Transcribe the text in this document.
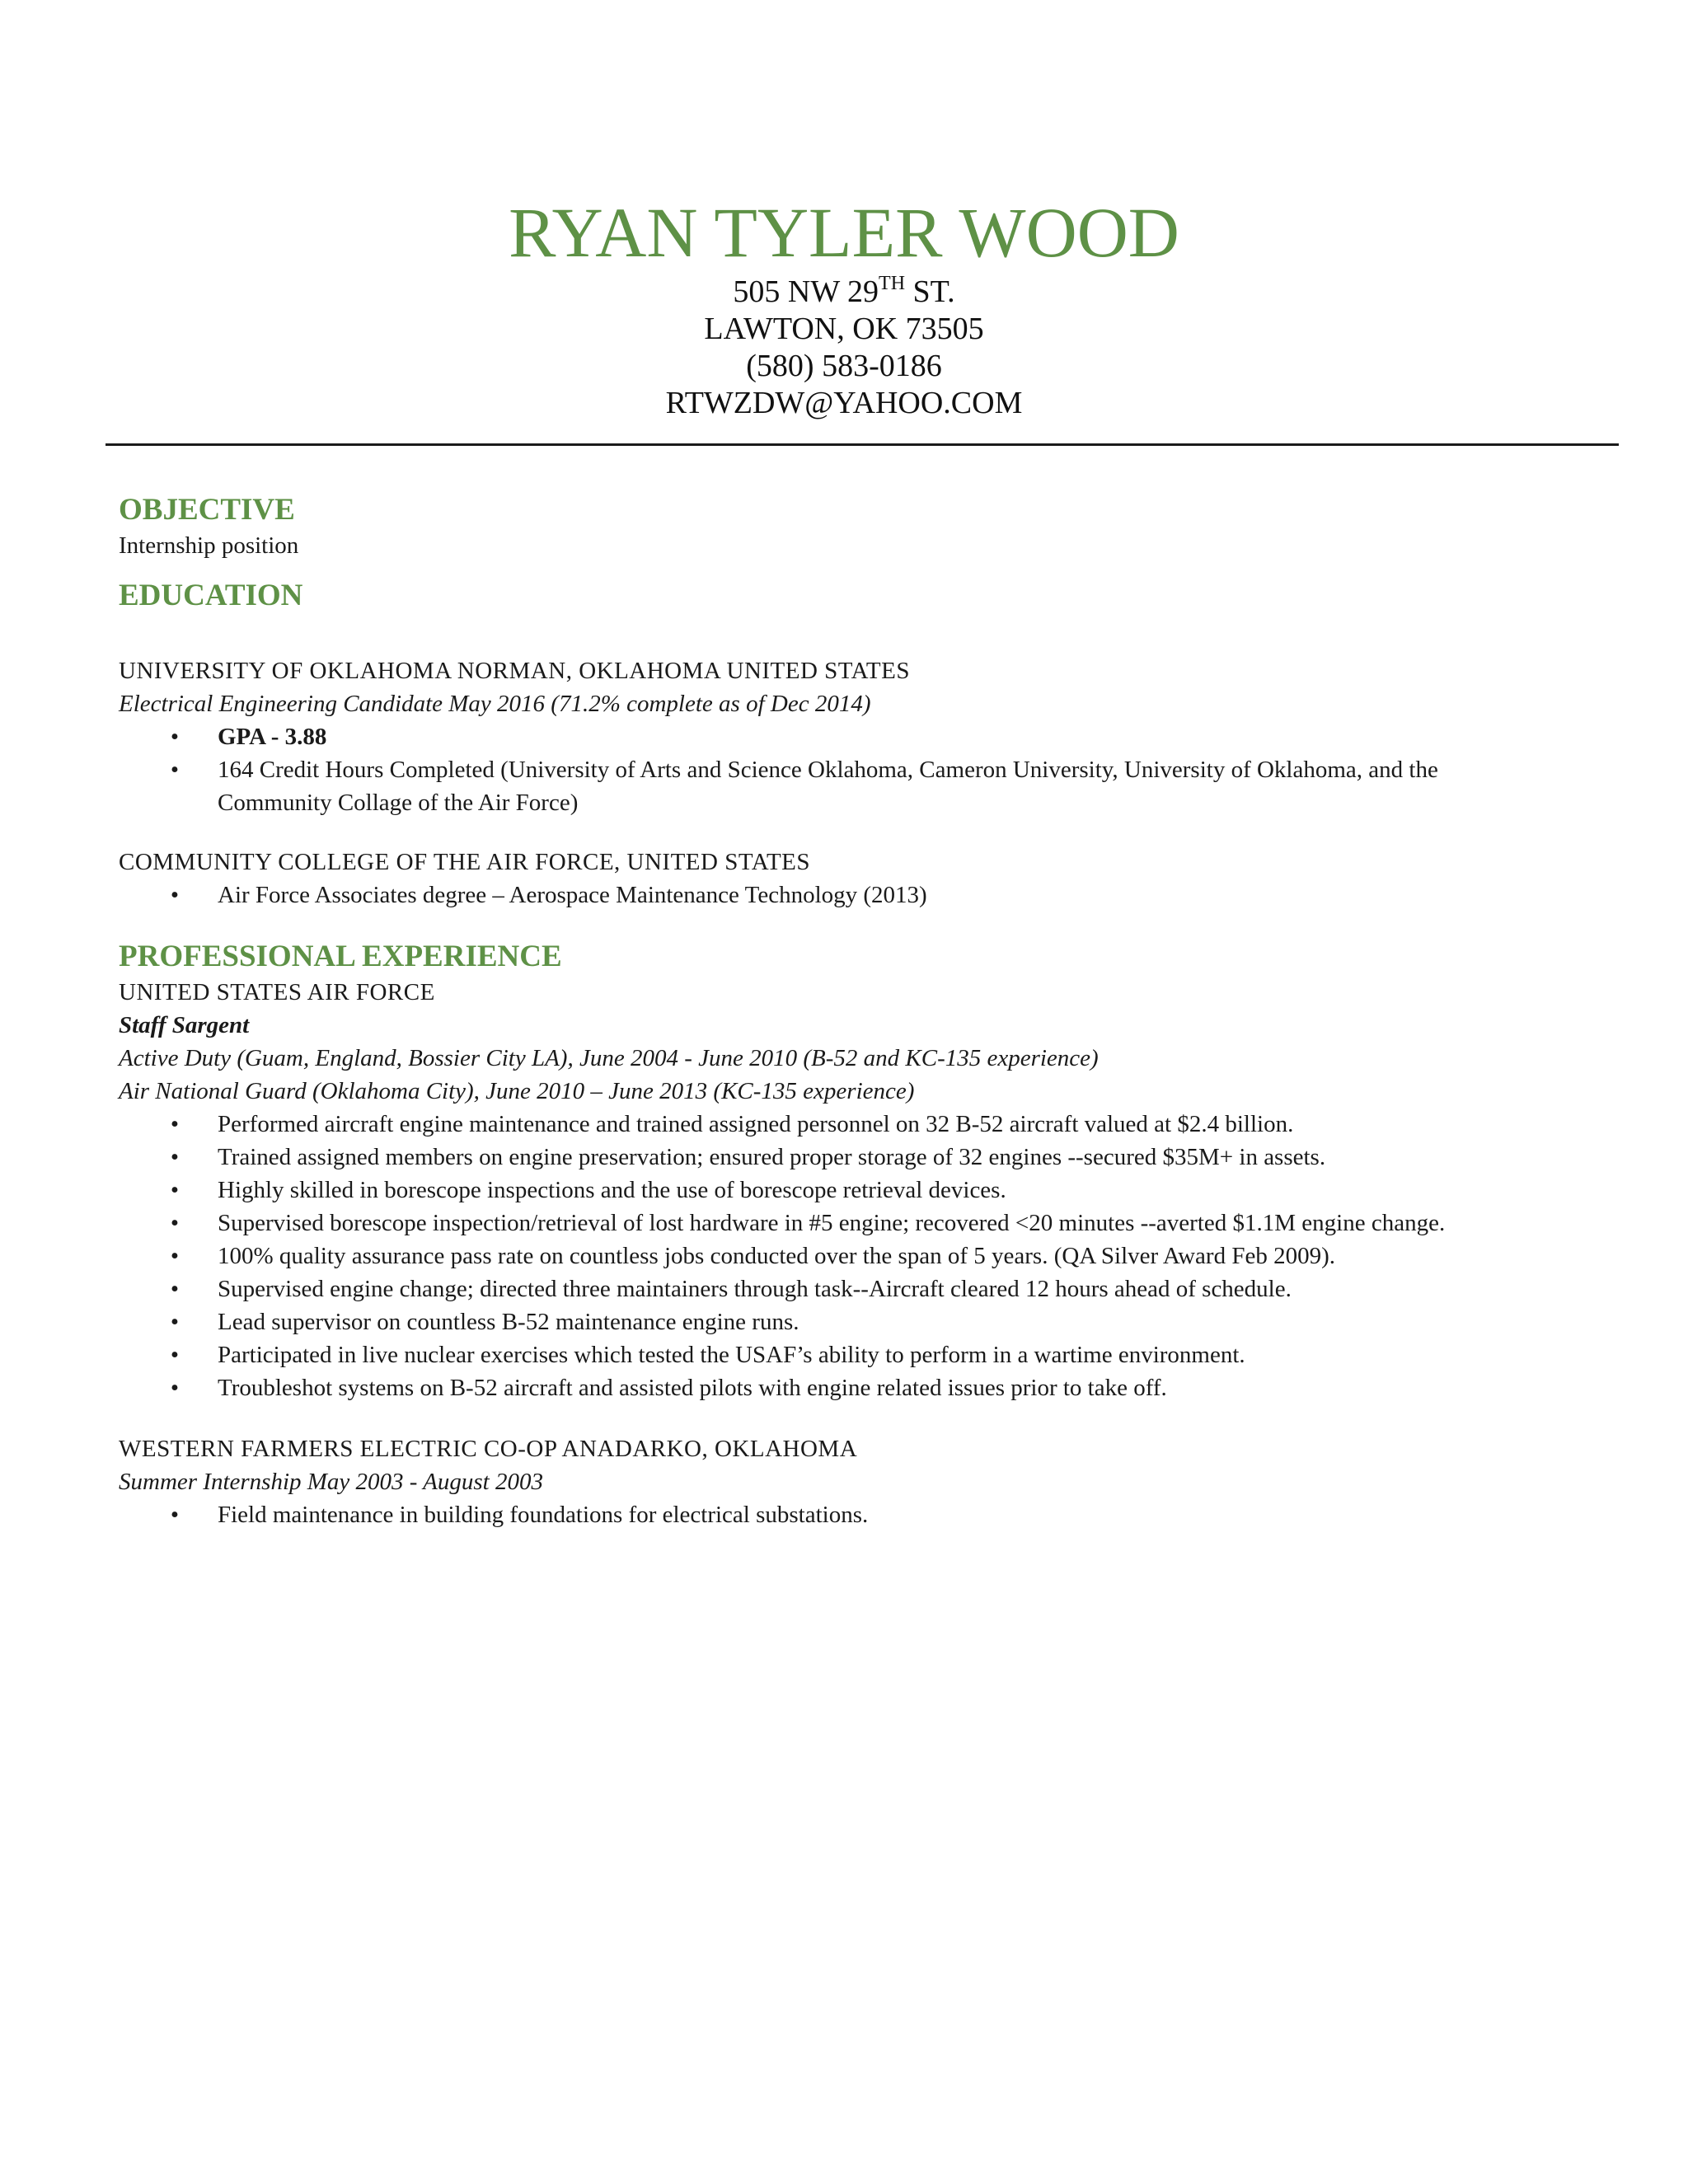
RYAN TYLER WOOD
505 NW 29TH ST.
LAWTON, OK 73505
(580) 583-0186
RTWZDW@YAHOO.COM
OBJECTIVE

Internship position

EDUCATION

UNIVERSITY OF OKLAHOMA NORMAN, OKLAHOMA UNITED STATES

Electrical Engineering Candidate May 2016 (71.2% complete as of Dec 2014)

• GPA - 3.88
• 164 Credit Hours Completed (University of Arts and Science Oklahoma, Cameron University, University of Oklahoma, and the Community Collage of the Air Force)

COMMUNITY COLLEGE OF THE AIR FORCE, UNITED STATES

• Air Force Associates degree – Aerospace Maintenance Technology (2013)
PROFESSIONAL EXPERIENCE

UNITED STATES AIR FORCE

Staff Sargent

Active Duty (Guam, England, Bossier City LA), June 2004 - June 2010 (B-52 and KC-135 experience)

Air National Guard (Oklahoma City), June 2010 – June 2013 (KC-135 experience)

• Performed aircraft engine maintenance and trained assigned personnel on 32 B-52 aircraft valued at $2.4 billion.
• Trained assigned members on engine preservation; ensured proper storage of 32 engines --secured $35M+ in assets.
• Highly skilled in borescope inspections and the use of borescope retrieval devices.
• Supervised borescope inspection/retrieval of lost hardware in #5 engine; recovered <20 minutes --averted $1.1M engine change.
• 100% quality assurance pass rate on countless jobs conducted over the span of 5 years. (QA Silver Award Feb 2009).
• Supervised engine change; directed three maintainers through task--Aircraft cleared 12 hours ahead of schedule.
• Lead supervisor on countless B-52 maintenance engine runs.
• Participated in live nuclear exercises which tested the USAF’s ability to perform in a wartime environment.
• Troubleshot systems on B-52 aircraft and assisted pilots with engine related issues prior to take off.

WESTERN FARMERS ELECTRIC CO-OP ANADARKO, OKLAHOMA

Summer Internship May 2003 - August 2003

• Field maintenance in building foundations for electrical substations.
